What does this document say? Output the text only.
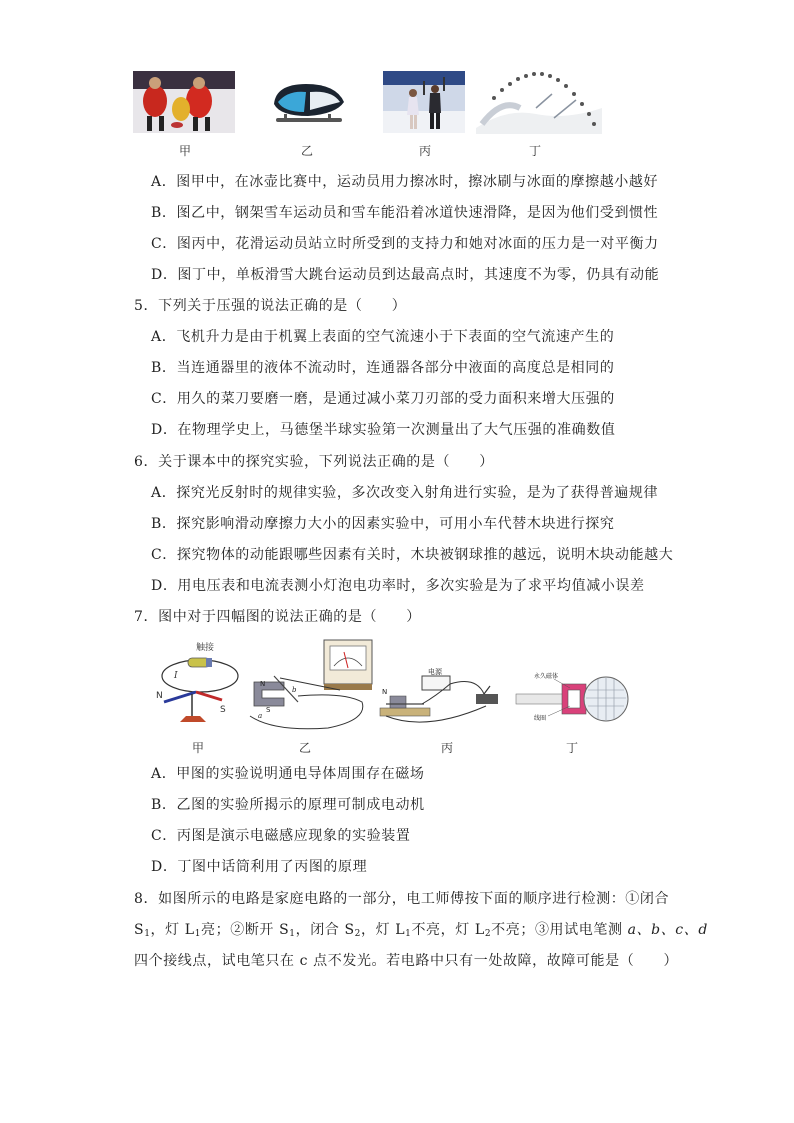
甲	乙	丙	丁
A．图甲中，在冰壶比赛中，运动员用力擦冰时，擦冰刷与冰面的摩擦越小越好
B．图乙中，钢架雪车运动员和雪车能沿着冰道快速滑降，是因为他们受到惯性
C．图丙中，花滑运动员站立时所受到的支持力和她对冰面的压力是一对平衡力
D．图丁中，单板滑雪大跳台运动员到达最高点时，其速度不为零，仍具有动能
5．下列关于压强的说法正确的是（　　）
A．飞机升力是由于机翼上表面的空气流速小于下表面的空气流速产生的
B．当连通器里的液体不流动时，连通器各部分中液面的高度总是相同的
C．用久的菜刀要磨一磨，是通过减小菜刀刃部的受力面积来增大压强的
D．在物理学史上，马德堡半球实验第一次测量出了大气压强的准确数值
6．关于课本中的探究实验，下列说法正确的是（　　）
A．探究光反射时的规律实验，多次改变入射角进行实验，是为了获得普遍规律
B．探究影响滑动摩擦力大小的因素实验中，可用小车代替木块进行探究
C．探究物体的动能跟哪些因素有关时，木块被钢球推的越远，说明木块动能越大
D．用电压表和电流表测小灯泡电功率时，多次实验是为了求平均值减小误差
7．图中对于四幅图的说法正确的是（　　）
I
触接
N
S
甲
N
S
b
a
乙
电源
N
丙
永久磁体
线圈
丁
A．甲图的实验说明通电导体周围存在磁场
B．乙图的实验所揭示的原理可制成电动机
C．丙图是演示电磁感应现象的实验装置
D．丁图中话筒利用了丙图的原理
8．如图所示的电路是家庭电路的一部分，电工师傅按下面的顺序进行检测：①闭合
$S_1$，灯 $L_1$亮；②断开 $S_1$，闭合 $S_2$，灯 $L_1$不亮，灯 $L_2$不亮；③用试电笔测 a、b、c、d
四个接线点，试电笔只在 c 点不发光。若电路中只有一处故障，故障可能是（　　）
